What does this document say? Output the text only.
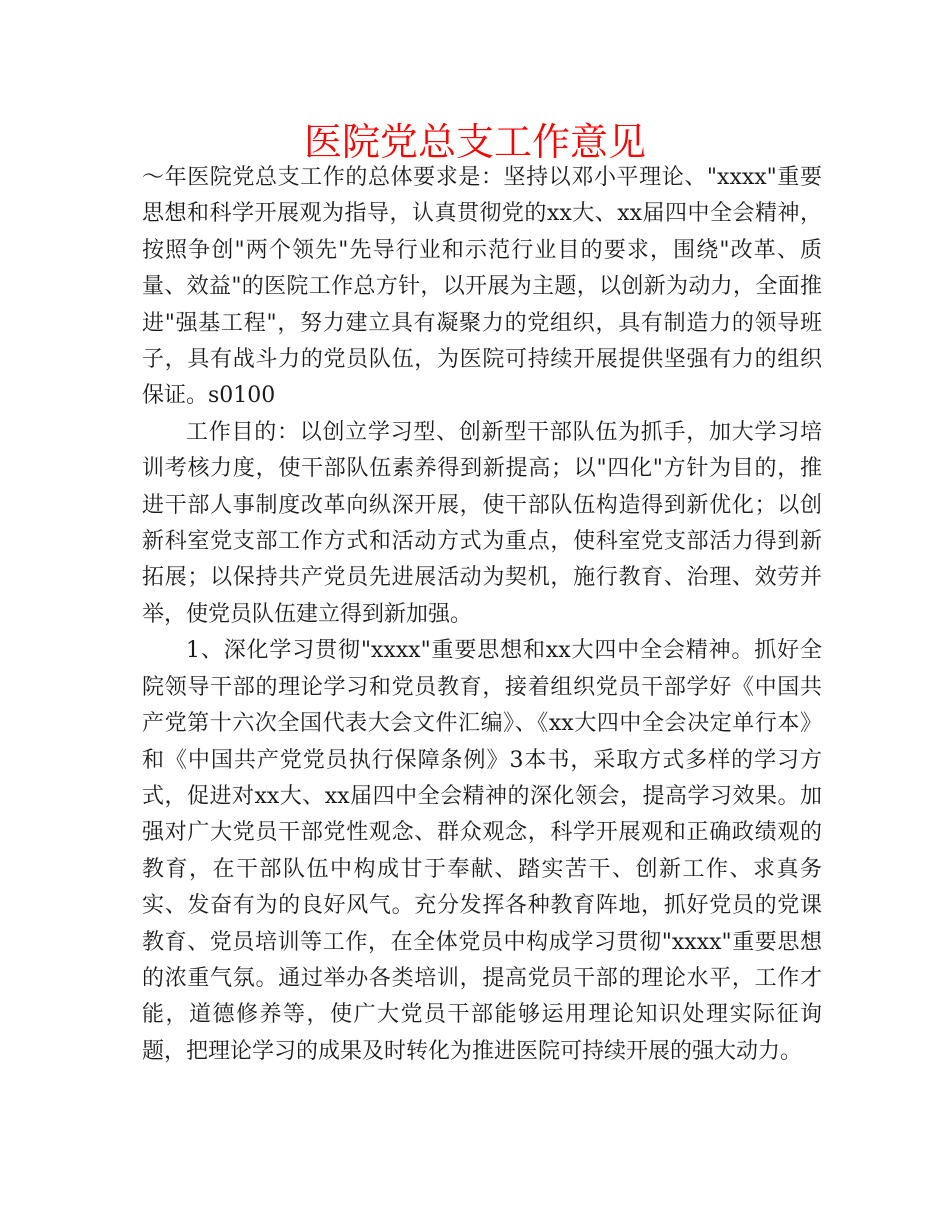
医院党总支工作意见

～年医院党总支工作的总体要求是：坚持以邓小平理论、"xxxx"重要思想和科学开展观为指导，认真贯彻党的xx大、xx届四中全会精神，按照争创"两个领先"先导行业和示范行业目的要求，围绕"改革、质量、效益"的医院工作总方针，以开展为主题，以创新为动力，全面推进"强基工程"，努力建立具有凝聚力的党组织，具有制造力的领导班子，具有战斗力的党员队伍，为医院可持续开展提供坚强有力的组织保证。s0100

工作目的：以创立学习型、创新型干部队伍为抓手，加大学习培训考核力度，使干部队伍素养得到新提高；以"四化"方针为目的，推进干部人事制度改革向纵深开展，使干部队伍构造得到新优化；以创新科室党支部工作方式和活动方式为重点，使科室党支部活力得到新拓展；以保持共产党员先进展活动为契机，施行教育、治理、效劳并举，使党员队伍建立得到新加强。

1、深化学习贯彻"xxxx"重要思想和xx大四中全会精神。抓好全院领导干部的理论学习和党员教育，接着组织党员干部学好《中国共产党第十六次全国代表大会文件汇编》、《xx大四中全会决定单行本》和《中国共产党党员执行保障条例》3本书，采取方式多样的学习方式，促进对xx大、xx届四中全会精神的深化领会，提高学习效果。加强对广大党员干部党性观念、群众观念，科学开展观和正确政绩观的教育，在干部队伍中构成甘于奉献、踏实苦干、创新工作、求真务实、发奋有为的良好风气。充分发挥各种教育阵地，抓好党员的党课教育、党员培训等工作，在全体党员中构成学习贯彻"xxxx"重要思想的浓重气氛。通过举办各类培训，提高党员干部的理论水平，工作才能，道德修养等，使广大党员干部能够运用理论知识处理实际征询题，把理论学习的成果及时转化为推进医院可持续开展的强大动力。
